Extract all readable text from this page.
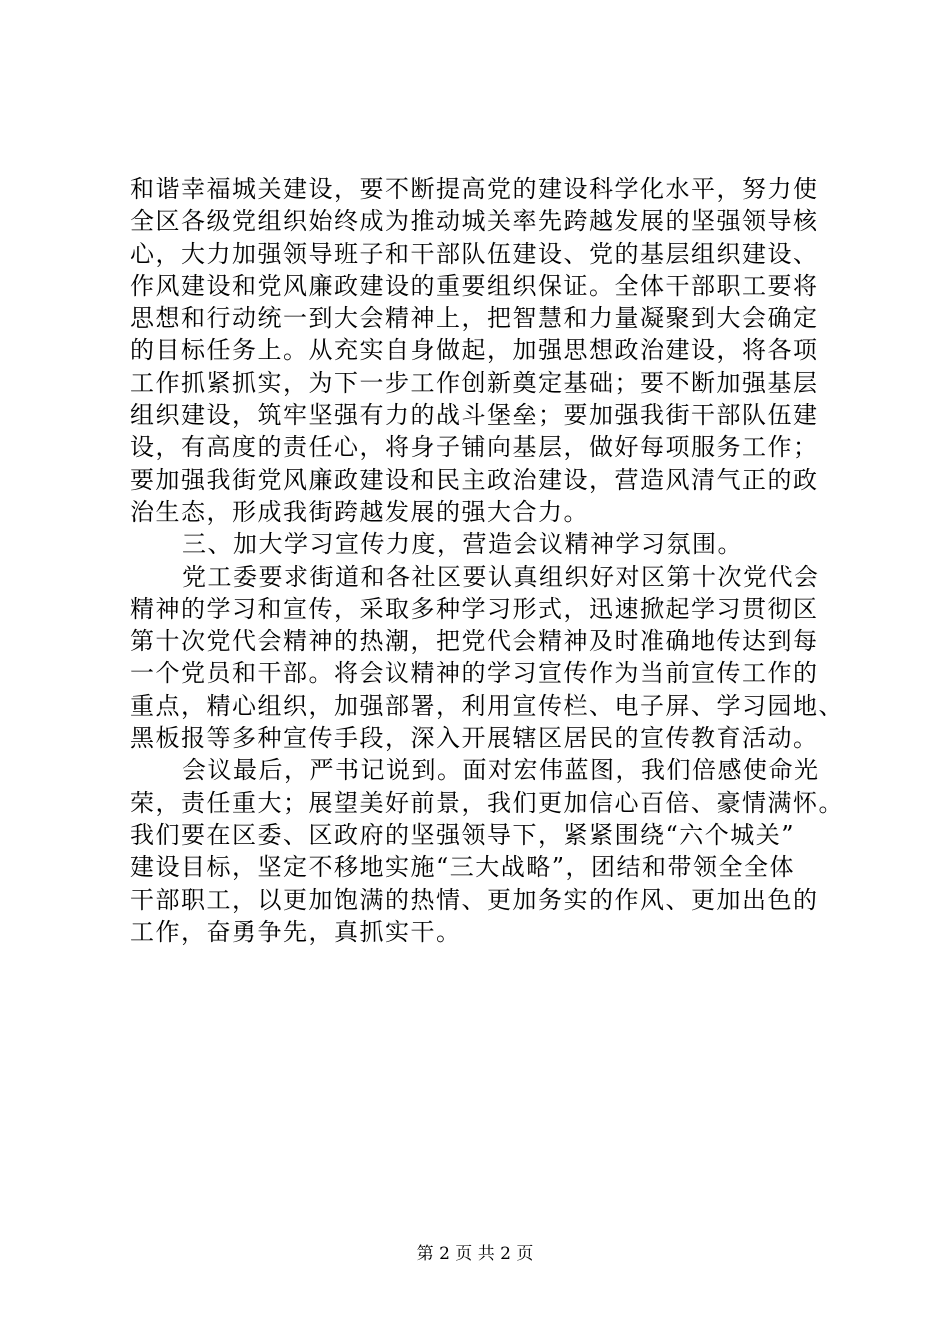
和谐幸福城关建设，要不断提高党的建设科学化水平，努力使
全区各级党组织始终成为推动城关率先跨越发展的坚强领导核
心，大力加强领导班子和干部队伍建设、党的基层组织建设、
作风建设和党风廉政建设的重要组织保证。全体干部职工要将
思想和行动统一到大会精神上，把智慧和力量凝聚到大会确定
的目标任务上。从充实自身做起，加强思想政治建设，将各项
工作抓紧抓实，为下一步工作创新奠定基础；要不断加强基层
组织建设，筑牢坚强有力的战斗堡垒；要加强我街干部队伍建
设，有高度的责任心，将身子铺向基层，做好每项服务工作；
要加强我街党风廉政建设和民主政治建设，营造风清气正的政
治生态，形成我街跨越发展的强大合力。
三、加大学习宣传力度，营造会议精神学习氛围。
党工委要求街道和各社区要认真组织好对区第十次党代会
精神的学习和宣传，采取多种学习形式，迅速掀起学习贯彻区
第十次党代会精神的热潮，把党代会精神及时准确地传达到每
一个党员和干部。将会议精神的学习宣传作为当前宣传工作的
重点，精心组织，加强部署，利用宣传栏、电子屏、学习园地、
黑板报等多种宣传手段，深入开展辖区居民的宣传教育活动。
会议最后，严书记说到。面对宏伟蓝图，我们倍感使命光
荣，责任重大；展望美好前景，我们更加信心百倍、豪情满怀。
我们要在区委、区政府的坚强领导下，紧紧围绕“六个城关”
建设目标，坚定不移地实施“三大战略”，团结和带领全全体
干部职工，以更加饱满的热情、更加务实的作风、更加出色的
工作，奋勇争先，真抓实干。
第 2 页 共 2 页
